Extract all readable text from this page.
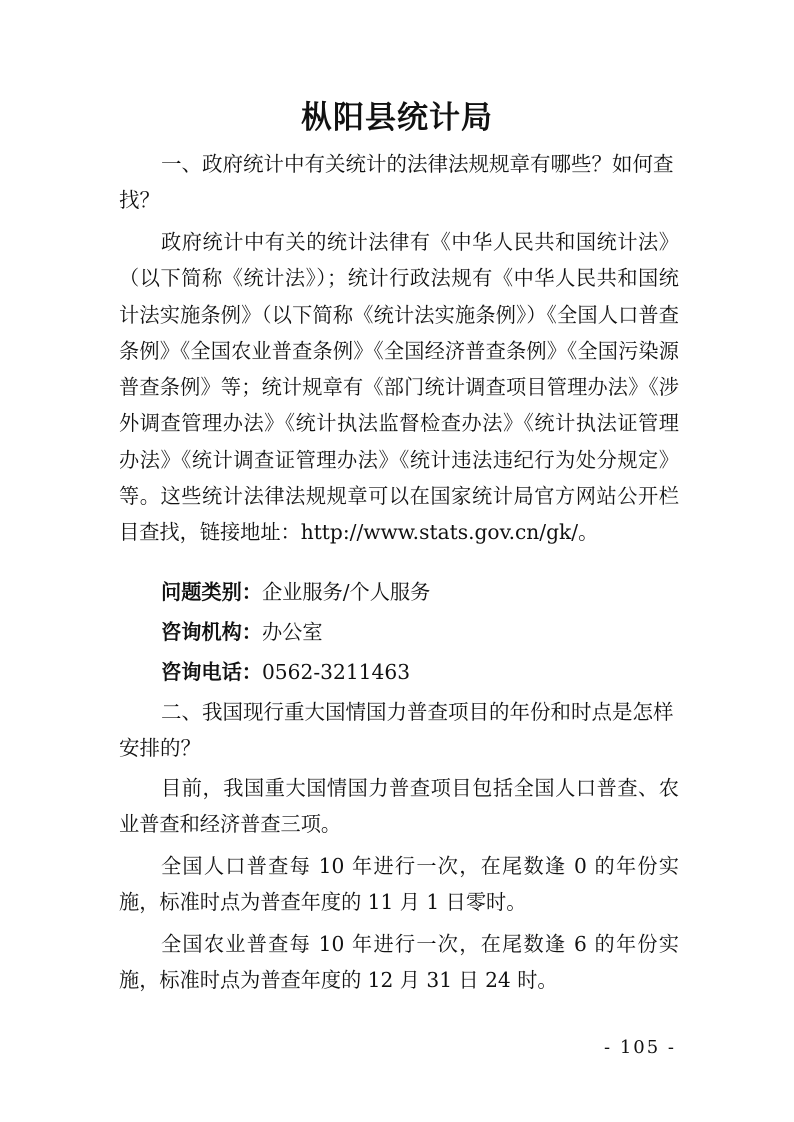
枞阳县统计局

一、政府统计中有关统计的法律法规规章有哪些？如何查找？

政府统计中有关的统计法律有《中华人民共和国统计法》（以下简称《统计法》）；统计行政法规有《中华人民共和国统计法实施条例》（以下简称《统计法实施条例》）《全国人口普查条例》《全国农业普查条例》《全国经济普查条例》《全国污染源普查条例》等；统计规章有《部门统计调查项目管理办法》《涉外调查管理办法》《统计执法监督检查办法》《统计执法证管理办法》《统计调查证管理办法》《统计违法违纪行为处分规定》等。这些统计法律法规规章可以在国家统计局官方网站公开栏目查找，链接地址：http://www.stats.gov.cn/gk/。

问题类别：企业服务/个人服务
咨询机构：办公室
咨询电话：0562-3211463

二、我国现行重大国情国力普查项目的年份和时点是怎样安排的？

目前，我国重大国情国力普查项目包括全国人口普查、农业普查和经济普查三项。

全国人口普查每 10 年进行一次，在尾数逢 0 的年份实施，标准时点为普查年度的 11 月 1 日零时。

全国农业普查每 10 年进行一次，在尾数逢 6 的年份实施，标准时点为普查年度的 12 月 31 日 24 时。

- 105 -
